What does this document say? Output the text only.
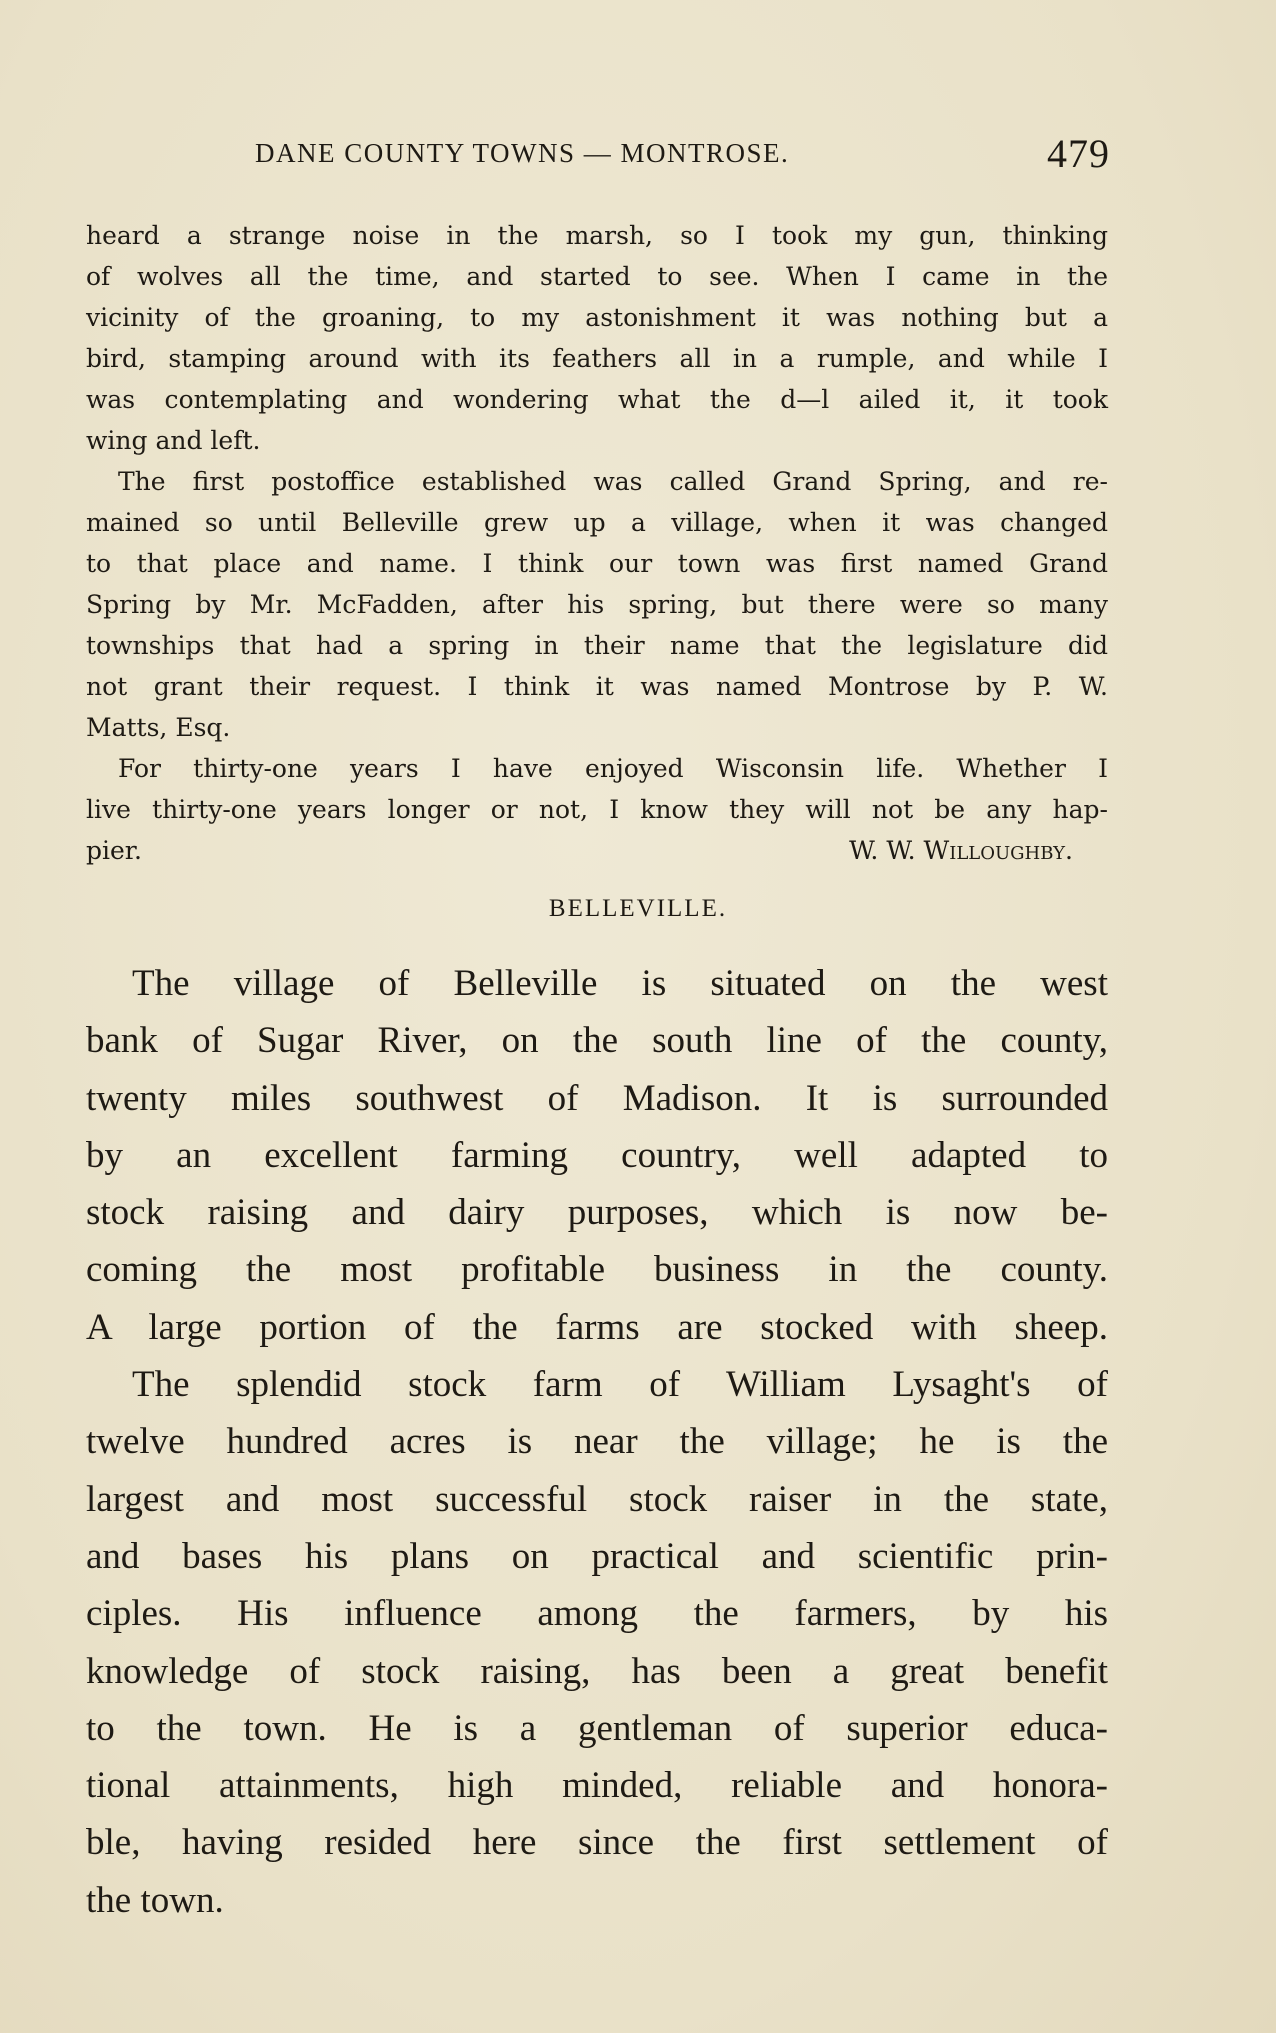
DANE COUNTY TOWNS — MONTROSE.	479
heard a strange noise in the marsh, so I took my gun, thinking
of wolves all the time, and started to see. When I came in the
vicinity of the groaning, to my astonishment it was nothing but a
bird, stamping around with its feathers all in a rumple, and while I
was contemplating and wondering what the d—l ailed it, it took
wing and left.
The first postoffice established was called Grand Spring, and re-
mained so until Belleville grew up a village, when it was changed
to that place and name. I think our town was first named Grand
Spring by Mr. McFadden, after his spring, but there were so many
townships that had a spring in their name that the legislature did
not grant their request. I think it was named Montrose by P. W.
Matts, Esq.
For thirty-one years I have enjoyed Wisconsin life. Whether I
live thirty-one years longer or not, I know they will not be any hap-
pier.	W. W. Willoughby.
BELLEVILLE.
The village of Belleville is situated on the west
bank of Sugar River, on the south line of the county,
twenty miles southwest of Madison. It is surrounded
by an excellent farming country, well adapted to
stock raising and dairy purposes, which is now be-
coming the most profitable business in the county.
A large portion of the farms are stocked with sheep.
The splendid stock farm of William Lysaght's of
twelve hundred acres is near the village; he is the
largest and most successful stock raiser in the state,
and bases his plans on practical and scientific prin-
ciples. His influence among the farmers, by his
knowledge of stock raising, has been a great benefit
to the town. He is a gentleman of superior educa-
tional attainments, high minded, reliable and honora-
ble, having resided here since the first settlement of
the town.
